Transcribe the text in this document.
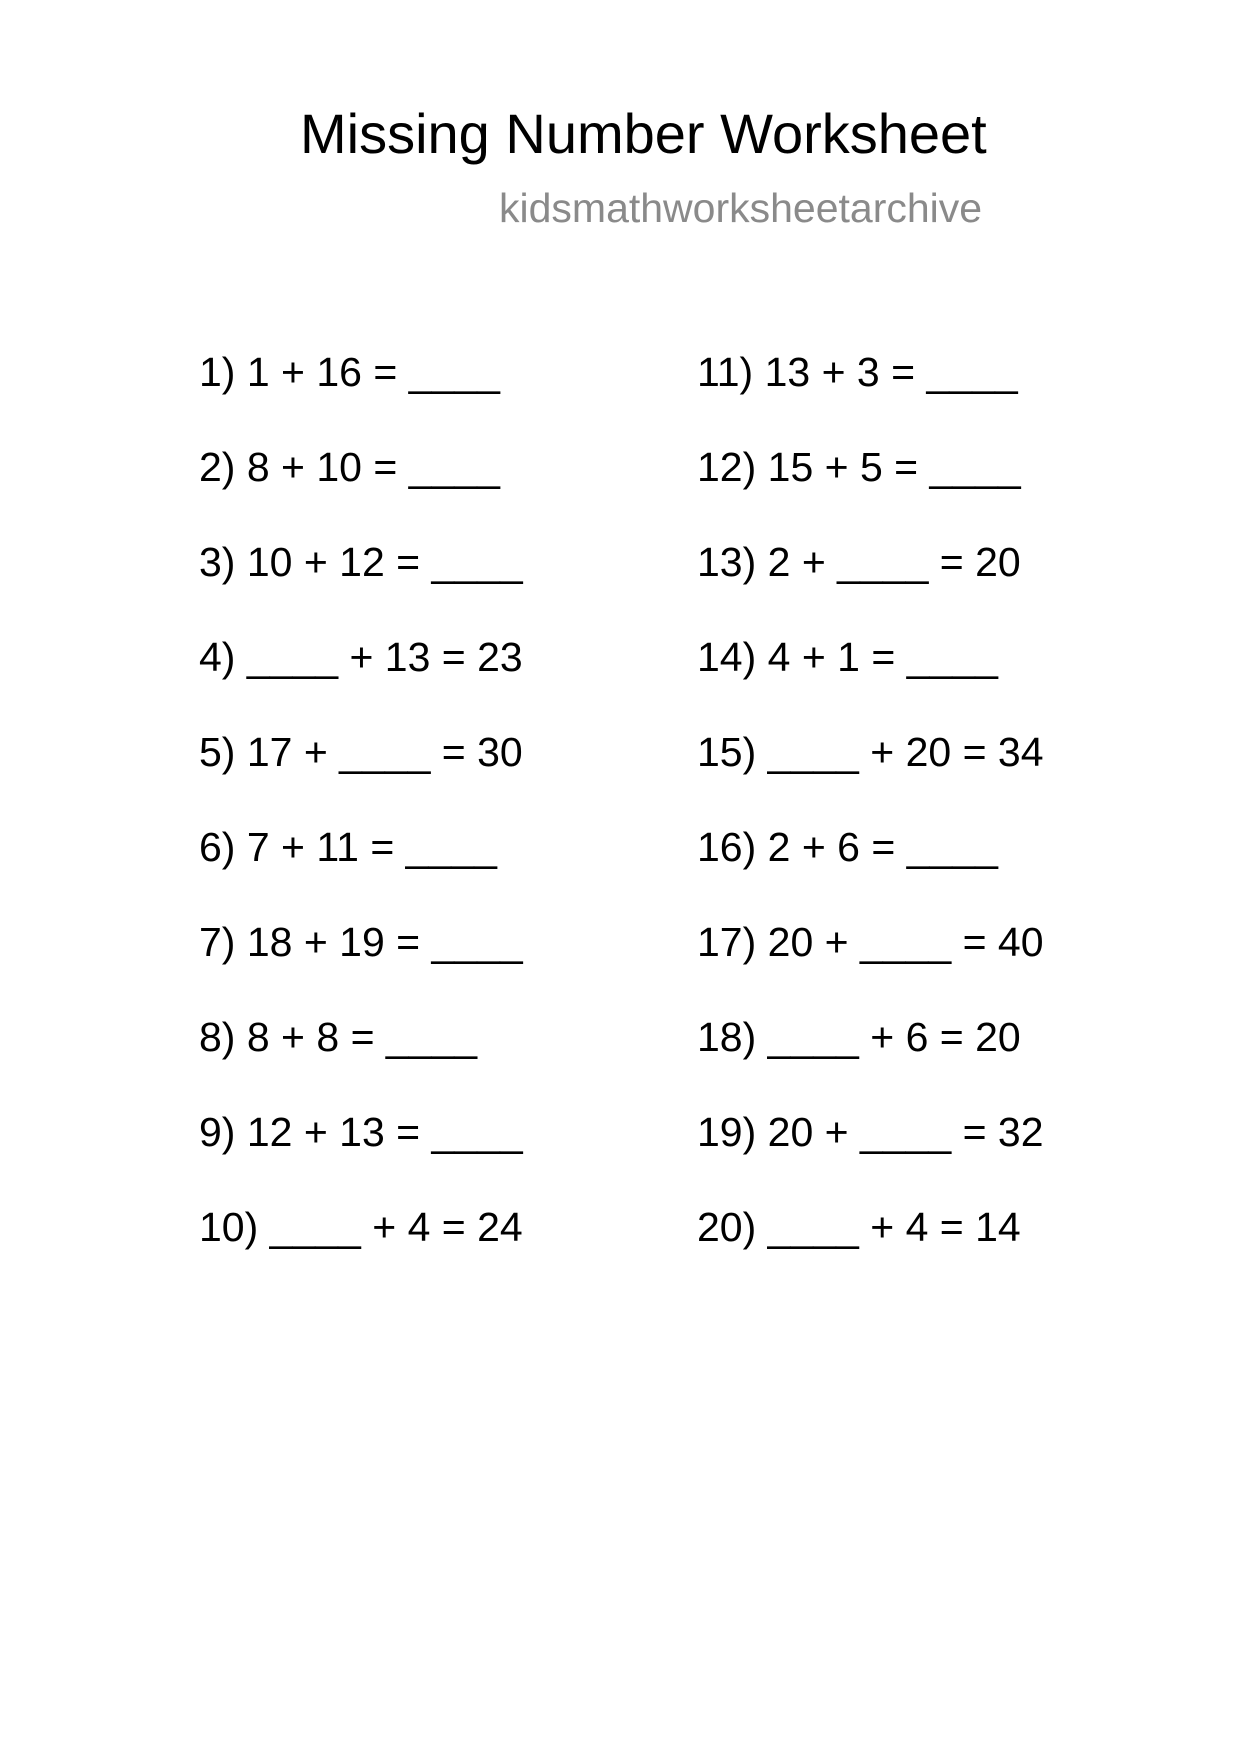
Missing Number Worksheet
kidsmathworksheetarchive
1) 1 + 16 = ____
2) 8 + 10 = ____
3) 10 + 12 = ____
4) ____ + 13 = 23
5) 17 + ____ = 30
6) 7 + 11 = ____
7) 18 + 19 = ____
8) 8 + 8 = ____
9) 12 + 13 = ____
10) ____ + 4 = 24
11) 13 + 3 = ____
12) 15 + 5 = ____
13) 2 + ____ = 20
14) 4 + 1 = ____
15) ____ + 20 = 34
16) 2 + 6 = ____
17) 20 + ____ = 40
18) ____ + 6 = 20
19) 20 + ____ = 32
20) ____ + 4 = 14
